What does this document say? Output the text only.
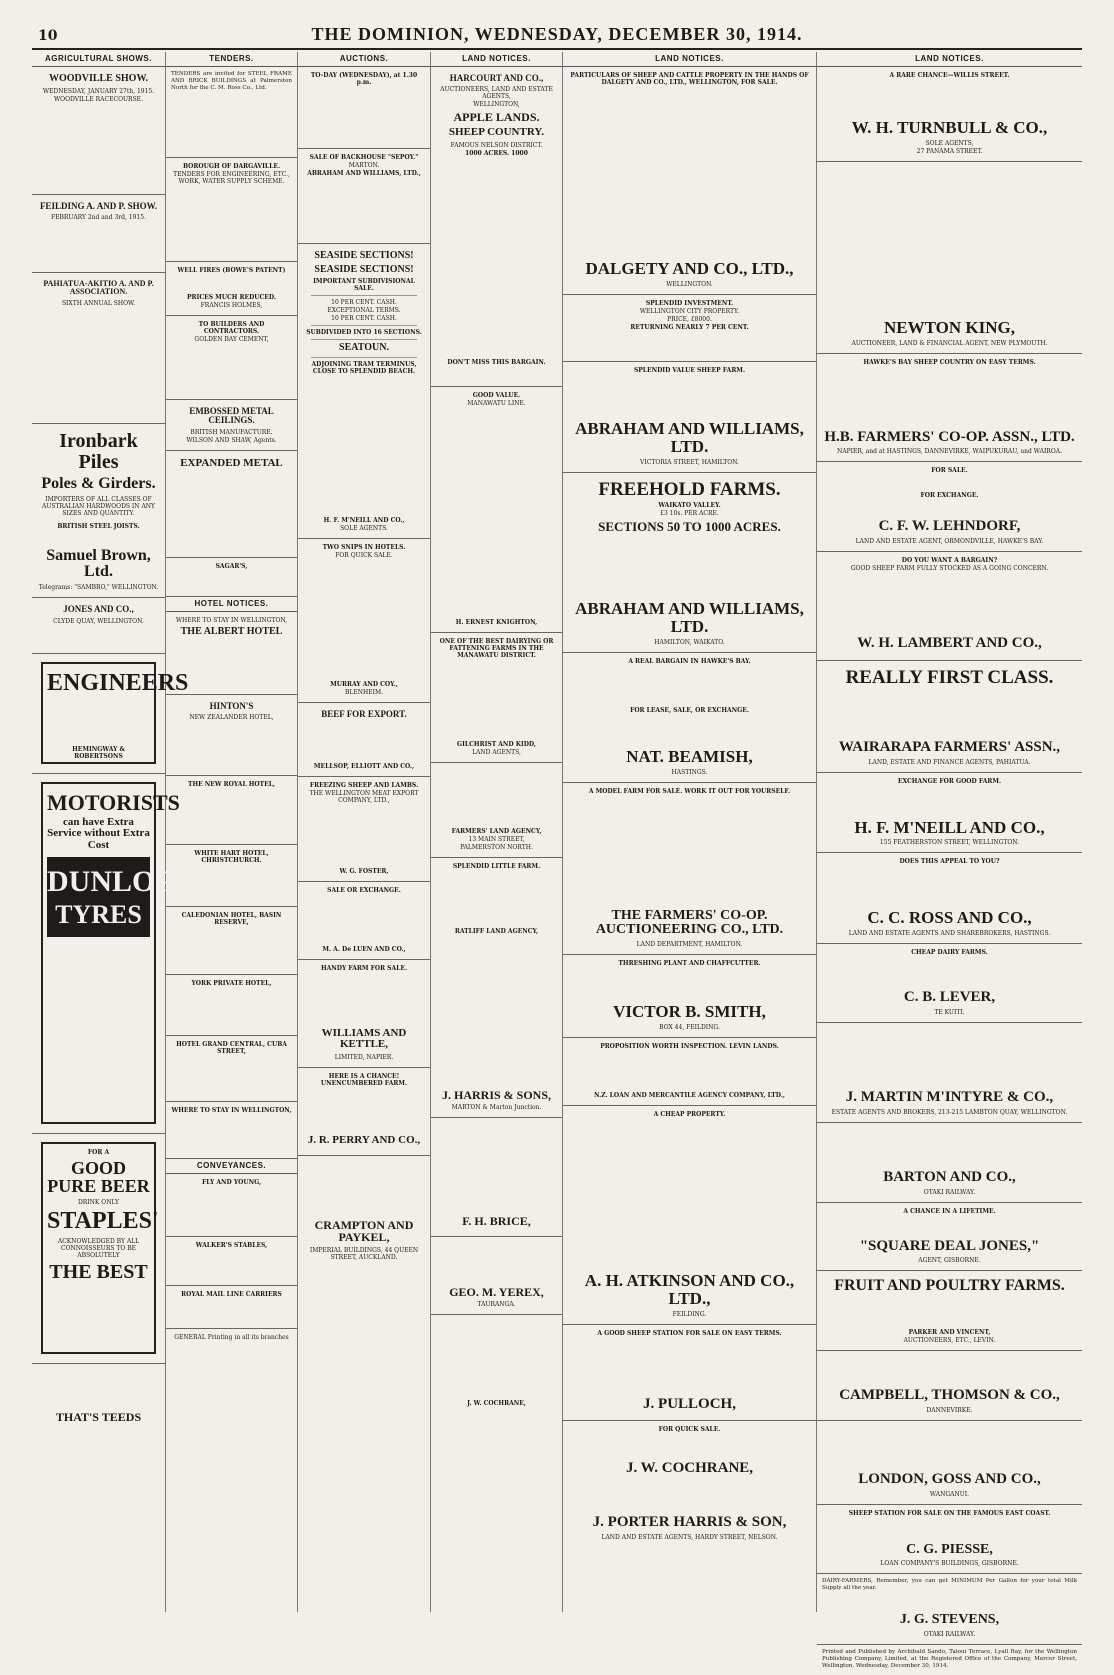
10	THE DOMINION, WEDNESDAY, DECEMBER 30, 1914.
AGRICULTURAL SHOWS.
WOODVILLE SHOW.
WEDNESDAY, JANUARY 27th, 1915.
WOODVILLE RACECOURSE.
FEILDING A. AND P. SHOW.
FEBRUARY 2nd and 3rd, 1915.
PAHIATUA-AKITIO A. AND P. ASSOCIATION.
SIXTH ANNUAL SHOW.
Ironbark Piles
Poles & Girders.
IMPORTERS OF ALL CLASSES OF AUSTRALIAN HARDWOODS IN ANY SIZES AND QUANTITY.
BRITISH STEEL JOISTS.
Samuel Brown, Ltd.
Telegrams: "SAMBRO," WELLINGTON.
JONES AND CO.,
CLYDE QUAY, WELLINGTON.
ENGINEERS
HEMINGWAY & ROBERTSONS
MOTORISTS
can have Extra Service without Extra Cost
DUNLOP
TYRES
FOR A
GOOD PURE BEER
DRINK ONLY
STAPLES'
ACKNOWLEDGED BY ALL CONNOISSEURS TO BE ABSOLUTELY
THE BEST
THAT'S TEEDS
TENDERS.
TENDERS are invited for STEEL FRAME AND BRICK BUILDINGS at Palmerston North for the C. M. Ross Co., Ltd.
BOROUGH OF DARGAVILLE.
TENDERS FOR ENGINEERING, ETC., WORK, WATER SUPPLY SCHEME.
WELL FIRES (BOWE'S PATENT)
PRICES MUCH REDUCED.
FRANCIS HOLMES,
TO BUILDERS AND CONTRACTORS.
GOLDEN BAY CEMENT,
EMBOSSED METAL CEILINGS.
BRITISH MANUFACTURE.
WILSON AND SHAW, Agents.
EXPANDED METAL
SAGAR'S,
HOTEL NOTICES.
WHERE TO STAY IN WELLINGTON,
THE ALBERT HOTEL
HINTON'S
NEW ZEALANDER HOTEL,
THE NEW ROYAL HOTEL,
WHITE HART HOTEL, CHRISTCHURCH.
CALEDONIAN HOTEL, BASIN RESERVE,
YORK PRIVATE HOTEL,
HOTEL GRAND CENTRAL, CUBA STREET,
WHERE TO STAY IN WELLINGTON,
CONVEYANCES.
FLY AND YOUNG,
WALKER'S STABLES,
ROYAL MAIL LINE CARRIERS
GENERAL Printing in all its branches
AUCTIONS.
TO-DAY (WEDNESDAY), at 1.30 p.m.
SALE OF BACKHOUSE "SEPOY."
MARTON.
ABRAHAM AND WILLIAMS, LTD.,
SEASIDE SECTIONS!
SEASIDE SECTIONS!
IMPORTANT SUBDIVISIONAL SALE.
10 PER CENT. CASH.
EXCEPTIONAL TERMS.
10 PER CENT. CASH.
SUBDIVIDED INTO 16 SECTIONS.
SEATOUN.
ADJOINING TRAM TERMINUS, CLOSE TO SPLENDID BEACH.
H. F. M'NEILL AND CO.,
SOLE AGENTS.
TWO SNIPS IN HOTELS.
FOR QUICK SALE.
MURRAY AND COY.,
BLENHEIM.
BEEF FOR EXPORT.
MELLSOP, ELLIOTT AND CO.,
FREEZING SHEEP AND LAMBS.
THE WELLINGTON MEAT EXPORT COMPANY, LTD.,
W. G. FOSTER,
SALE OR EXCHANGE.
M. A. De LUEN AND CO.,
HANDY FARM FOR SALE.
WILLIAMS AND KETTLE,
LIMITED, NAPIER.
HERE IS A CHANCE! UNENCUMBERED FARM.
J. R. PERRY AND CO.,
CRAMPTON AND PAYKEL,
IMPERIAL BUILDINGS, 44 QUEEN STREET, AUCKLAND.
LAND NOTICES.
HARCOURT AND CO.,
AUCTIONEERS, LAND AND ESTATE AGENTS,
WELLINGTON,
APPLE LANDS.
SHEEP COUNTRY.
FAMOUS NELSON DISTRICT.
1000 ACRES. 1000
DON'T MISS THIS BARGAIN.
GOOD VALUE.
MANAWATU LINE.
H. ERNEST KNIGHTON,
ONE OF THE BEST DAIRYING OR FATTENING FARMS IN THE MANAWATU DISTRICT.
GILCHRIST AND KIDD,
LAND AGENTS,
FARMERS' LAND AGENCY,
13 MAIN STREET,
PALMERSTON NORTH.
SPLENDID LITTLE FARM.
RATLIFF LAND AGENCY,
J. HARRIS & SONS,
MARTON & Marton Junction.
F. H. BRICE,
GEO. M. YEREX,
TAURANGA.
J. W. COCHRANE,
LAND NOTICES.
PARTICULARS OF SHEEP AND CATTLE PROPERTY IN THE HANDS OF DALGETY AND CO., LTD., WELLINGTON, FOR SALE.
DALGETY AND CO., LTD.,
WELLINGTON.
SPLENDID INVESTMENT.
WELLINGTON CITY PROPERTY.
PRICE, £8000.
RETURNING NEARLY 7 PER CENT.
SPLENDID VALUE SHEEP FARM.
ABRAHAM AND WILLIAMS, LTD.
VICTORIA STREET, HAMILTON.
FREEHOLD FARMS.
WAIKATO VALLEY.
£3 10s. PER ACRE.
SECTIONS 50 TO 1000 ACRES.
ABRAHAM AND WILLIAMS, LTD.
HAMILTON, WAIKATO.
A REAL BARGAIN IN HAWKE'S BAY.
FOR LEASE, SALE, OR EXCHANGE.
NAT. BEAMISH,
HASTINGS.
A MODEL FARM FOR SALE. WORK IT OUT FOR YOURSELF.
THE FARMERS' CO-OP. AUCTIONEERING CO., LTD.
LAND DEPARTMENT, HAMILTON.
THRESHING PLANT AND CHAFFCUTTER.
VICTOR B. SMITH,
BOX 44, FEILDING.
PROPOSITION WORTH INSPECTION. LEVIN LANDS.
N.Z. LOAN AND MERCANTILE AGENCY COMPANY, LTD.,
A CHEAP PROPERTY.
A. H. ATKINSON AND CO., LTD.,
FEILDING.
A GOOD SHEEP STATION FOR SALE ON EASY TERMS.
J. PULLOCH,
FOR QUICK SALE.
J. W. COCHRANE,
J. PORTER HARRIS & SON,
LAND AND ESTATE AGENTS, HARDY STREET, NELSON.
LAND NOTICES.
A RARE CHANCE—WILLIS STREET.
W. H. TURNBULL & CO.,
SOLE AGENTS,
27 PANAMA STREET.
NEWTON KING,
AUCTIONEER, LAND & FINANCIAL AGENT, NEW PLYMOUTH.
HAWKE'S BAY SHEEP COUNTRY ON EASY TERMS.
H.B. FARMERS' CO-OP. ASSN., LTD.
NAPIER, and at HASTINGS, DANNEVIRKE, WAIPUKURAU, and WAIROA.
FOR SALE.
FOR EXCHANGE.
C. F. W. LEHNDORF,
LAND AND ESTATE AGENT, ORMONDVILLE, HAWKE'S BAY.
DO YOU WANT A BARGAIN?
GOOD SHEEP FARM FULLY STOCKED AS A GOING CONCERN.
W. H. LAMBERT AND CO.,
REALLY FIRST CLASS.
WAIRARAPA FARMERS' ASSN.,
LAND, ESTATE AND FINANCE AGENTS, PAHIATUA.
EXCHANGE FOR GOOD FARM.
H. F. M'NEILL AND CO.,
155 FEATHERSTON STREET, WELLINGTON.
DOES THIS APPEAL TO YOU?
C. C. ROSS AND CO.,
LAND AND ESTATE AGENTS AND SHAREBROKERS, HASTINGS.
CHEAP DAIRY FARMS.
C. B. LEVER,
TE KUITI.
J. MARTIN M'INTYRE & CO.,
ESTATE AGENTS AND BROKERS, 213-215 LAMBTON QUAY, WELLINGTON.
BARTON AND CO.,
OTAKI RAILWAY.
A CHANCE IN A LIFETIME.
"SQUARE DEAL JONES,"
AGENT, GISBORNE.
FRUIT AND POULTRY FARMS.
PARKER AND VINCENT,
AUCTIONEERS, ETC., LEVIN.
CAMPBELL, THOMSON & CO.,
DANNEVIRKE.
LONDON, GOSS AND CO.,
WANGANUI.
SHEEP STATION FOR SALE ON THE FAMOUS EAST COAST.
C. G. PIESSE,
LOAN COMPANY'S BUILDINGS, GISBORNE.
DAIRY-FARMERS, Remember, you can get MINIMUM Per Gallon for your total Milk Supply all the year.
J. G. STEVENS,
OTAKI RAILWAY.
Printed and Published by Archibald Sando, Taioui Terrace, Lyall Bay, for the Wellington Publishing Company, Limited, at the Registered Office of the Company, Mercer Street, Wellington, Wednesday, December 30, 1914.
